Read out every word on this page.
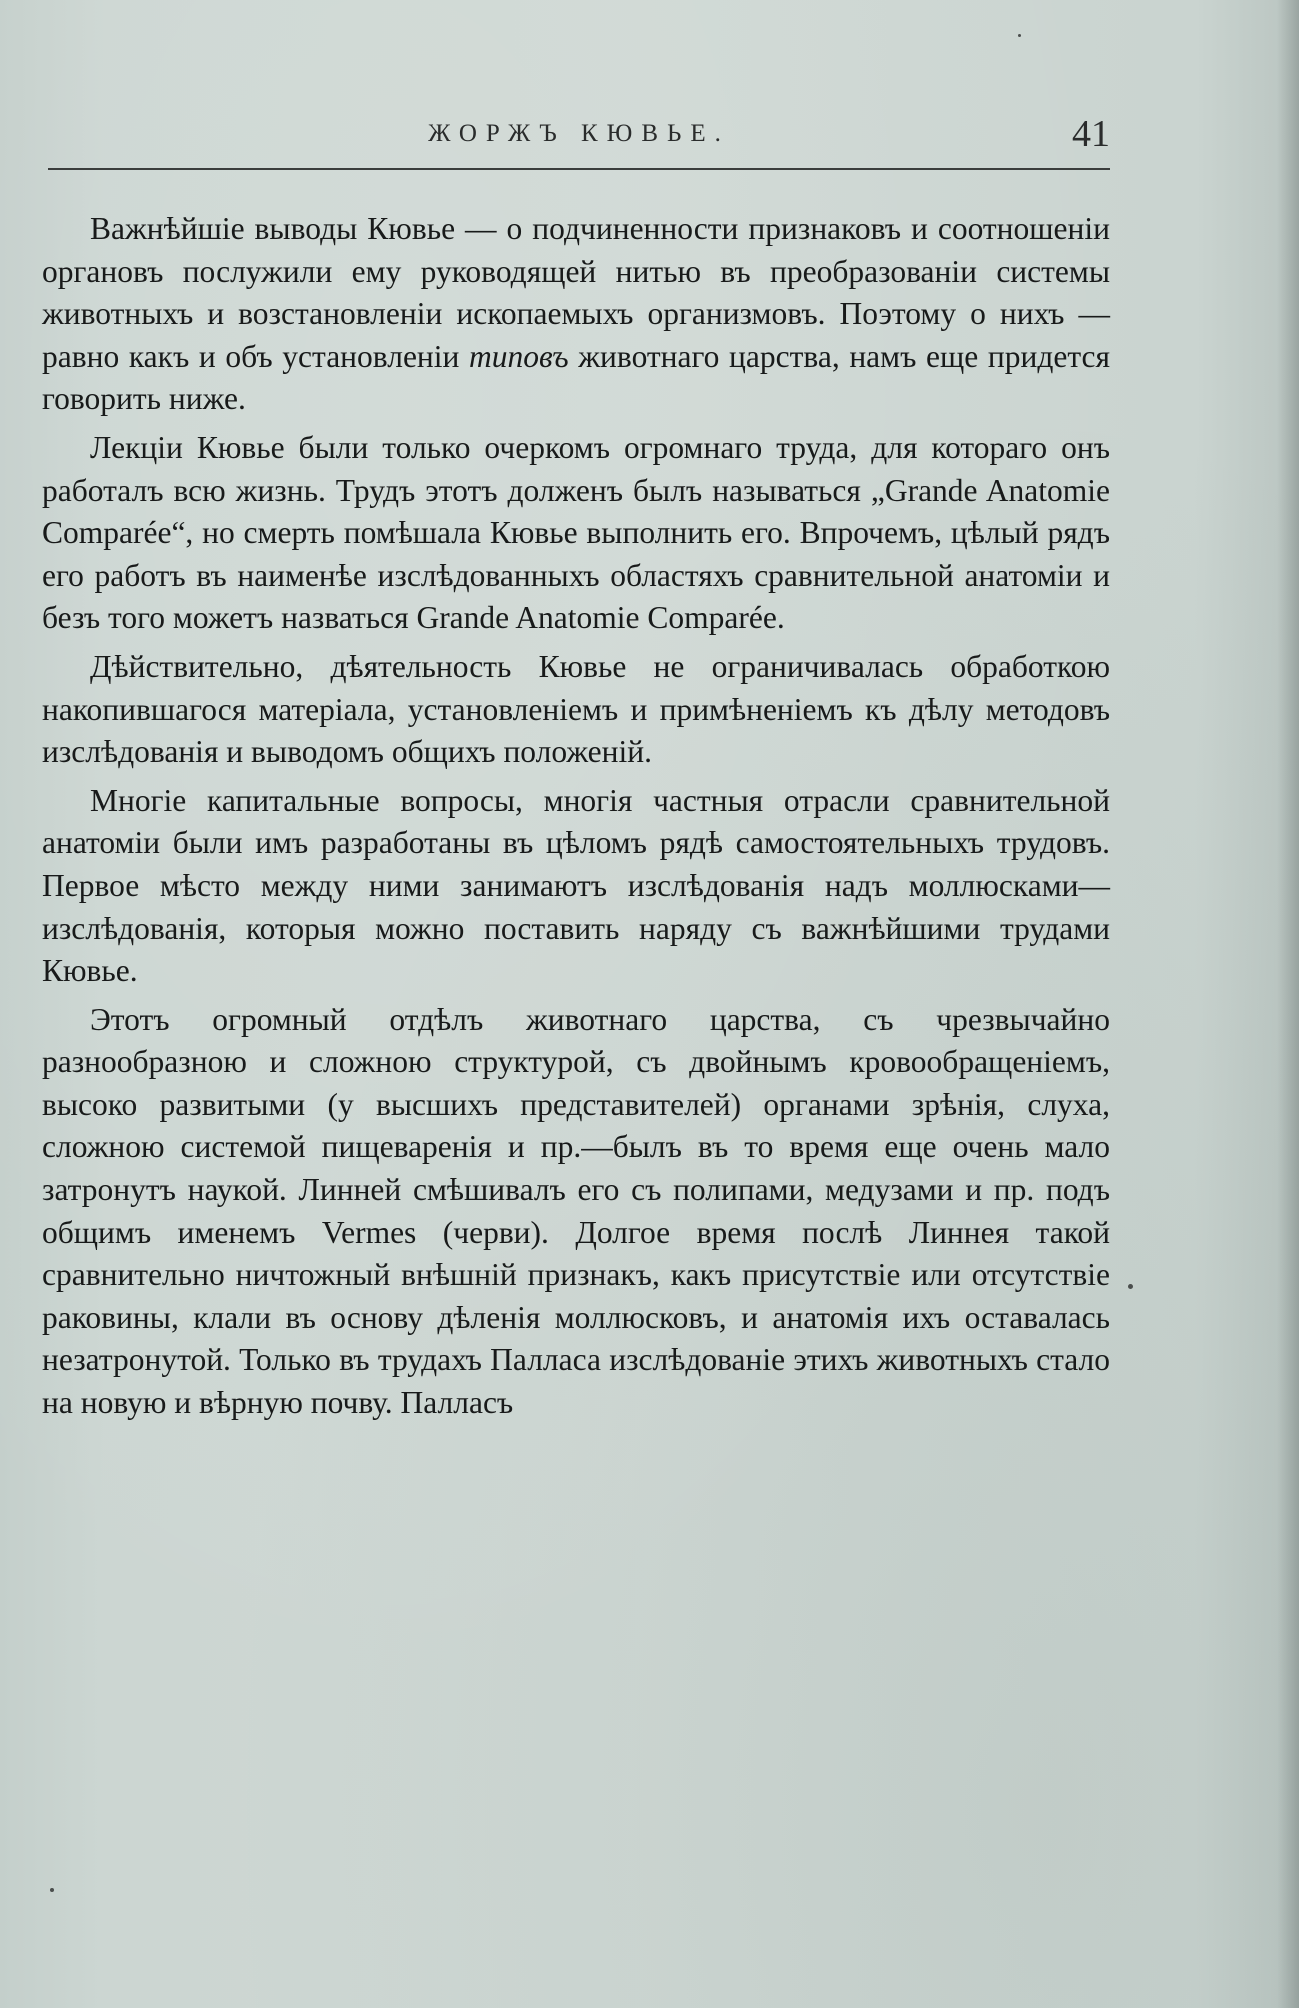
ЖОРЖЪ КЮВЬЕ.	41

Важнѣйшіе выводы Кювье — о подчиненности признаковъ и соотношеніи органовъ послужили ему руководящей нитью въ преобразованіи системы животныхъ и возстановленіи ископаемыхъ организмовъ. Поэтому о нихъ — равно какъ и объ установленіи типовъ животнаго царства, намъ еще придется говорить ниже.

Лекціи Кювье были только очеркомъ огромнаго труда, для котораго онъ работалъ всю жизнь. Трудъ этотъ долженъ былъ называться „Grande Anatomie Comparée“, но смерть помѣшала Кювье выполнить его. Впрочемъ, цѣлый рядъ его работъ въ наименѣе изслѣдованныхъ областяхъ сравнительной анатоміи и безъ того можетъ назваться Grande Anatomie Comparée.

Дѣйствительно, дѣятельность Кювье не ограничивалась обработкою накопившагося матеріала, установленіемъ и примѣненіемъ къ дѣлу методовъ изслѣдованія и выводомъ общихъ положеній.

Многіе капитальные вопросы, многія частныя отрасли сравнительной анатоміи были имъ разработаны въ цѣломъ рядѣ самостоятельныхъ трудовъ. Первое мѣсто между ними занимаютъ изслѣдованія надъ моллюсками—изслѣдованія, которыя можно поставить наряду съ важнѣйшими трудами Кювье.

Этотъ огромный отдѣлъ животнаго царства, съ чрезвычайно разнообразною и сложною структурой, съ двойнымъ кровообращеніемъ, высоко развитыми (у высшихъ представителей) органами зрѣнія, слуха, сложною системой пищеваренія и пр.—былъ въ то время еще очень мало затронутъ наукой. Линней смѣшивалъ его съ полипами, медузами и пр. подъ общимъ именемъ Vermes (черви). Долгое время послѣ Линнея такой сравнительно ничтожный внѣшній признакъ, какъ присутствіе или отсутствіе раковины, клали въ основу дѣленія моллюсковъ, и анатомія ихъ оставалась незатронутой. Только въ трудахъ Палласа изслѣдованіе этихъ животныхъ стало на новую и вѣрную почву. Палласъ
